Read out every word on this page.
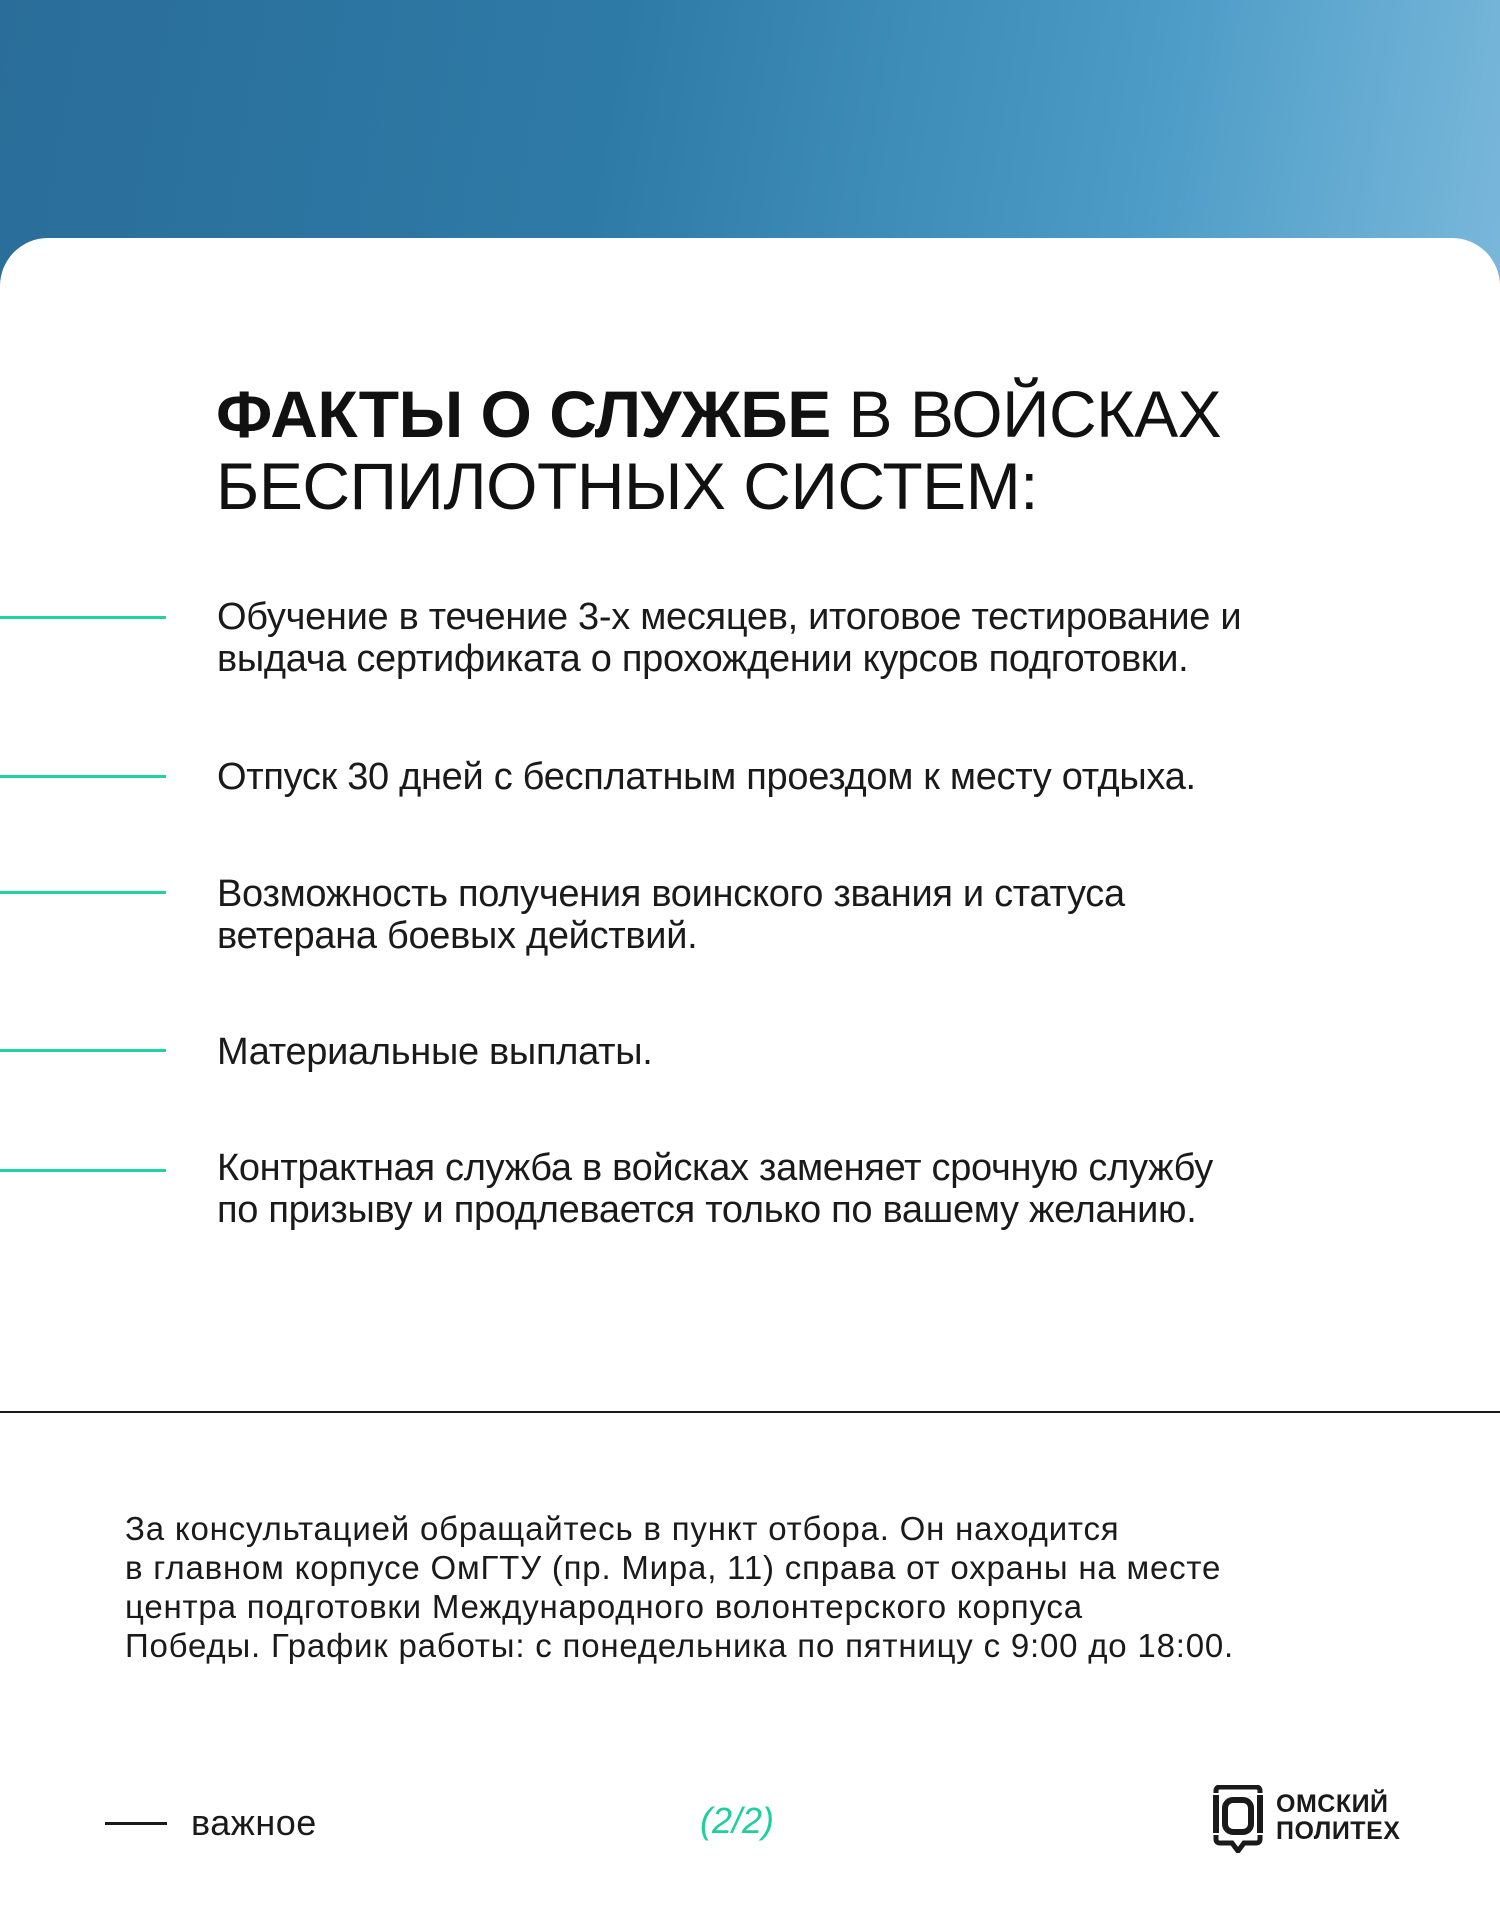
ФАКТЫ О СЛУЖБЕ В ВОЙСКАХ
БЕСПИЛОТНЫХ СИСТЕМ:
Обучение в течение 3-х месяцев, итоговое тестирование и
выдача сертификата о прохождении курсов подготовки.
Отпуск 30 дней с бесплатным проездом к месту отдыха.
Возможность получения воинского звания и статуса
ветерана боевых действий.
Материальные выплаты.
Контрактная служба в войсках заменяет срочную службу
по призыву и продлевается только по вашему желанию.
За консультацией обращайтесь в пункт отбора. Он находится
в главном корпусе ОмГТУ (пр. Мира, 11) справа от охраны на месте
центра подготовки Международного волонтерского корпуса
Победы. График работы: с понедельника по пятницу с 9:00 до 18:00.
важное	(2/2)	ОМСКИЙ
ПОЛИТЕХ
